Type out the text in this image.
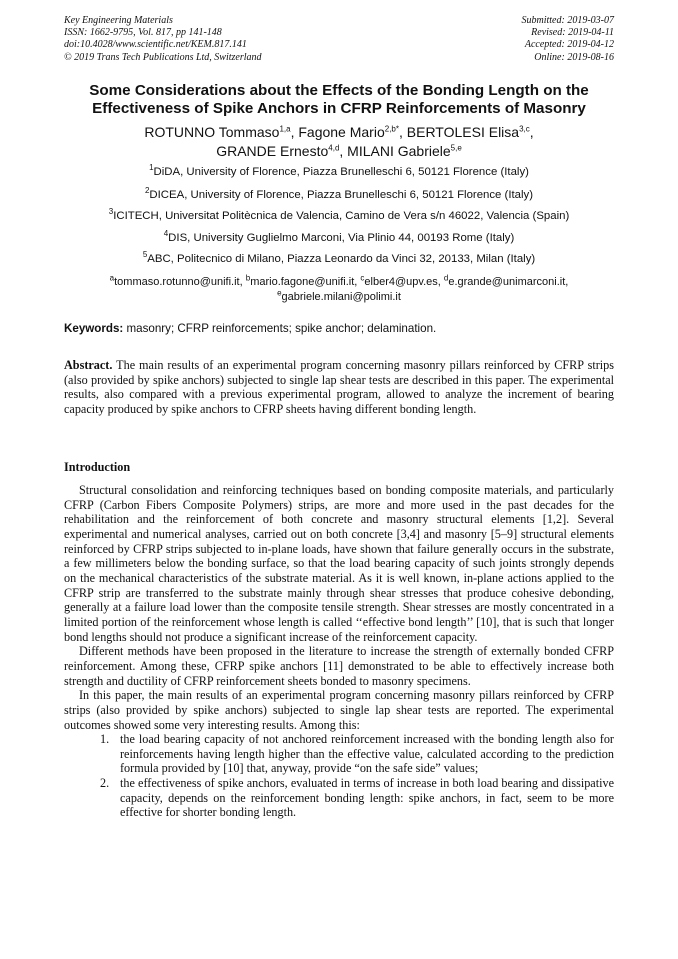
Key Engineering Materials
ISSN: 1662-9795, Vol. 817, pp 141-148
doi:10.4028/www.scientific.net/KEM.817.141
© 2019 Trans Tech Publications Ltd, Switzerland
Submitted: 2019-03-07
Revised: 2019-04-11
Accepted: 2019-04-12
Online: 2019-08-16
Some Considerations about the Effects of the Bonding Length on the Effectiveness of Spike Anchors in CFRP Reinforcements of Masonry
ROTUNNO Tommaso$^{1,a}$, Fagone Mario$^{2,b*}$, BERTOLESI Elisa$^{3,c}$,
GRANDE Ernesto$^{4,d}$, MILANI Gabriele$^{5,e}$
$^1$DiDA, University of Florence, Piazza Brunelleschi 6, 50121 Florence (Italy)
$^2$DICEA, University of Florence, Piazza Brunelleschi 6, 50121 Florence (Italy)
$^3$ICITECH, Universitat Politècnica de Valencia, Camino de Vera s/n 46022, Valencia (Spain)
$^4$DIS, University Guglielmo Marconi, Via Plinio 44, 00193 Rome (Italy)
$^5$ABC, Politecnico di Milano, Piazza Leonardo da Vinci 32, 20133, Milan (Italy)
$^a$tommaso.rotunno@unifi.it, $^b$mario.fagone@unifi.it, $^c$elber4@upv.es, $^d$e.grande@unimarconi.it,
$^e$gabriele.milani@polimi.it
Keywords: masonry; CFRP reinforcements; spike anchor; delamination.
Abstract. The main results of an experimental program concerning masonry pillars reinforced by CFRP strips (also provided by spike anchors) subjected to single lap shear tests are described in this paper. The experimental results, also compared with a previous experimental program, allowed to analyze the increment of bearing capacity produced by spike anchors to CFRP sheets having different bonding length.
Introduction

Structural consolidation and reinforcing techniques based on bonding composite materials, and particularly CFRP (Carbon Fibers Composite Polymers) strips, are more and more used in the past decades for the rehabilitation and the reinforcement of both concrete and masonry structural elements [1,2]. Several experimental and numerical analyses, carried out on both concrete [3,4] and masonry [5–9] structural elements reinforced by CFRP strips subjected to in-plane loads, have shown that failure generally occurs in the substrate, a few millimeters below the bonding surface, so that the load bearing capacity of such joints strongly depends on the mechanical characteristics of the substrate material. As it is well known, in-plane actions applied to the CFRP strip are transferred to the substrate mainly through shear stresses that produce cohesive debonding, generally at a failure load lower than the composite tensile strength. Shear stresses are mostly concentrated in a limited portion of the reinforcement whose length is called ‘‘effective bond length’’ [10], that is such that longer bond lengths should not produce a significant increase of the reinforcement capacity.

Different methods have been proposed in the literature to increase the strength of externally bonded CFRP reinforcement. Among these, CFRP spike anchors [11] demonstrated to be able to effectively increase both strength and ductility of CFRP reinforcement sheets bonded to masonry specimens.

In this paper, the main results of an experimental program concerning masonry pillars reinforced by CFRP strips (also provided by spike anchors) subjected to single lap shear tests are reported. The experimental outcomes showed some very interesting results. Among this:

1. the load bearing capacity of not anchored reinforcement increased with the bonding length also for reinforcements having length higher than the effective value, calculated according to the prediction formula provided by [10] that, anyway, provide “on the safe side” values;
2. the effectiveness of spike anchors, evaluated in terms of increase in both load bearing and dissipative capacity, depends on the reinforcement bonding length: spike anchors, in fact, seem to be more effective for shorter bonding length.
